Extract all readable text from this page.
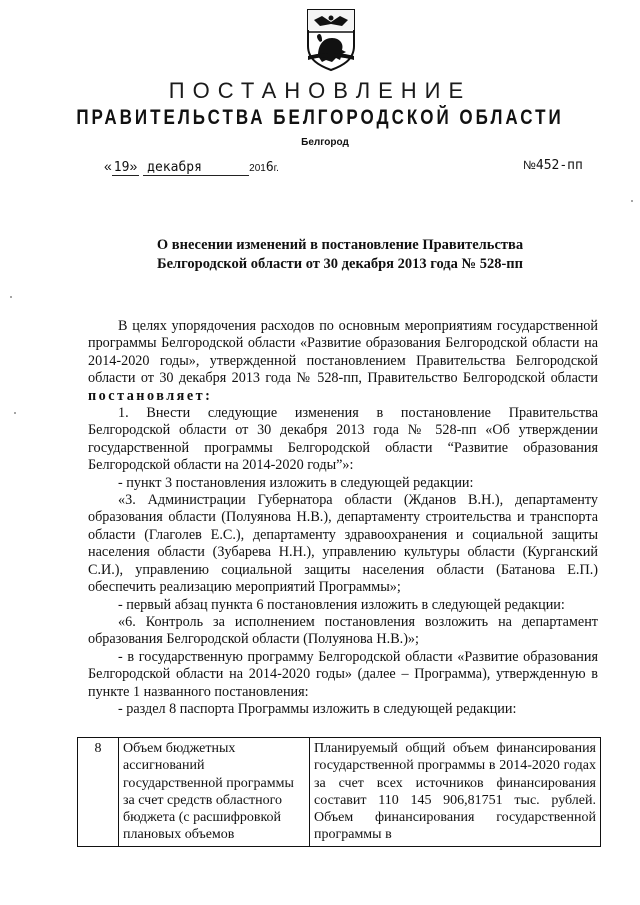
ПОСТАНОВЛЕНИЕ
ПРАВИТЕЛЬСТВА БЕЛГОРОДСКОЙ ОБЛАСТИ
Белгород
« 19» декабря	2016г.	№452-пп
О внесении изменений в постановление Правительства
Белгородской области от 30 декабря 2013 года № 528-пп

В целях упорядочения расходов по основным мероприятиям государственной программы Белгородской области «Развитие образования Белгородской области на 2014-2020 годы», утвержденной постановлением Правительства Белгородской области от 30 декабря 2013 года № 528-пп, Правительство Белгородской области постановляет:

1. Внести следующие изменения в постановление Правительства Белгородской области от 30 декабря 2013 года № 528-пп «Об утверждении государственной программы Белгородской области “Развитие образования Белгородской области на 2014-2020 годы”»:

- пункт 3 постановления изложить в следующей редакции:

«3. Администрации Губернатора области (Жданов В.Н.), департаменту образования области (Полуянова Н.В.), департаменту строительства и транспорта области (Глаголев Е.С.), департаменту здравоохранения и социальной защиты населения области (Зубарева Н.Н.), управлению культуры области (Курганский С.И.), управлению социальной защиты населения области (Батанова Е.П.) обеспечить реализацию мероприятий Программы»;

- первый абзац пункта 6 постановления изложить в следующей редакции:

«6. Контроль за исполнением постановления возложить на департамент образования Белгородской области (Полуянова Н.В.)»;

- в государственную программу Белгородской области «Развитие образования Белгородской области на 2014-2020 годы» (далее – Программа), утвержденную в пункте 1 названного постановления:

- раздел 8 паспорта Программы изложить в следующей редакции:

8	Объем бюджетных ассигнований государственной программы за счет средств областного бюджета (с расшифровкой плановых объемов	Планируемый общий объем финансирования государственной программы в 2014-2020 годах за счет всех источников финансирования составит 110 145 906,81751 тыс. рублей. Объем финансирования государственной программы в
